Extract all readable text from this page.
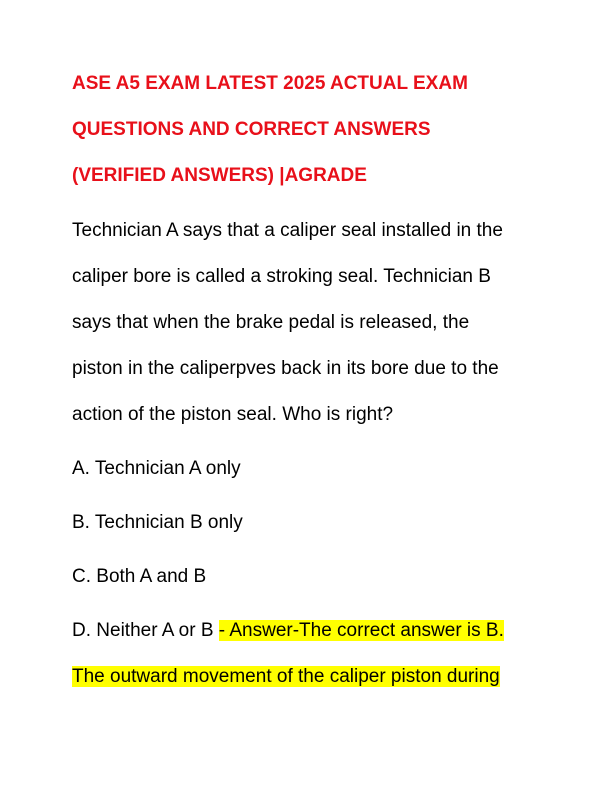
ASE A5 EXAM LATEST 2025 ACTUAL EXAM
QUESTIONS AND CORRECT ANSWERS
(VERIFIED ANSWERS) |AGRADE
Technician A says that a caliper seal installed in the
caliper bore is called a stroking seal. Technician B
says that when the brake pedal is released, the
piston in the caliperpves back in its bore due to the
action of the piston seal. Who is right?
A. Technician A only
B. Technician B only
C. Both A and B
D. Neither A or B - Answer-The correct answer is B.
The outward movement of the caliper piston during
